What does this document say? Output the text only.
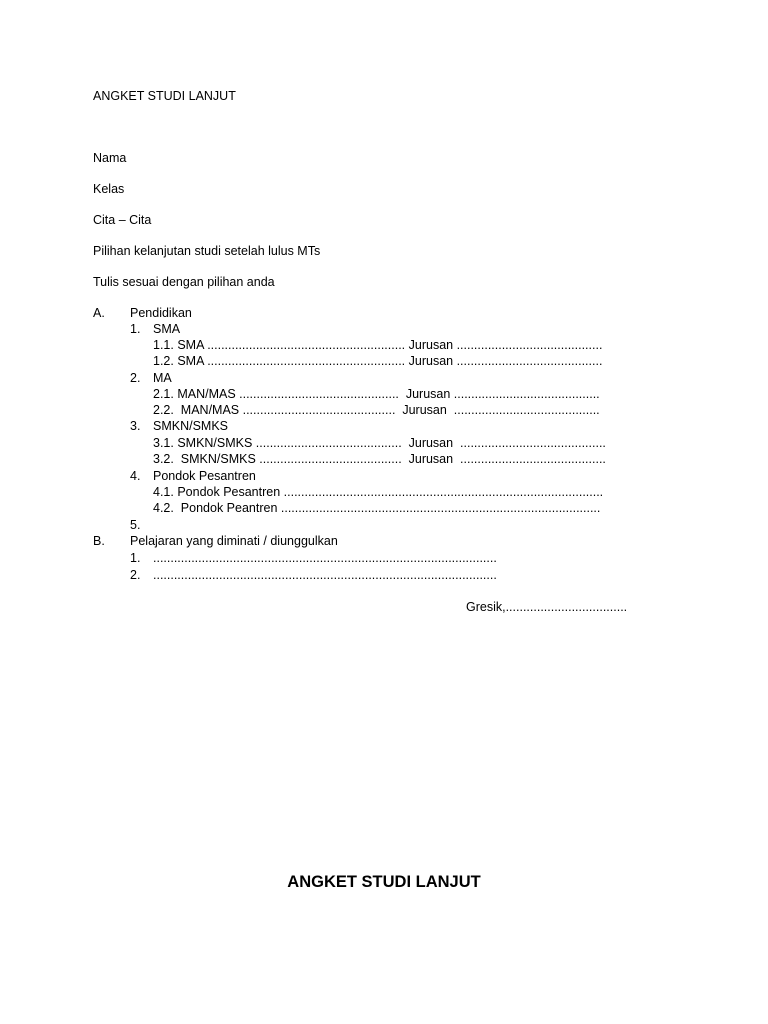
ANGKET STUDI LANJUT
Nama
Kelas
Cita – Cita
Pilihan kelanjutan studi setelah lulus MTs
Tulis sesuai dengan pilihan anda
A. Pendidikan
1. SMA
1.1. SMA ......................................................... Jurusan ..........................................
1.2. SMA ......................................................... Jurusan ..........................................
2. MA
2.1. MAN/MAS ..............................................  Jurusan ..........................................
2.2.  MAN/MAS ............................................  Jurusan  ..........................................
3. SMKN/SMKS
3.1. SMKN/SMKS ..........................................  Jurusan  ..........................................
3.2.  SMKN/SMKS .........................................  Jurusan  ..........................................
4. Pondok Pesantren
4.1. Pondok Pesantren ............................................................................................
4.2.  Pondok Peantren ............................................................................................
5.
B. Pelajaran yang diminati / diunggulkan
1. ...................................................................................................
2. ...................................................................................................
Gresik,...................................
ANGKET STUDI LANJUT
